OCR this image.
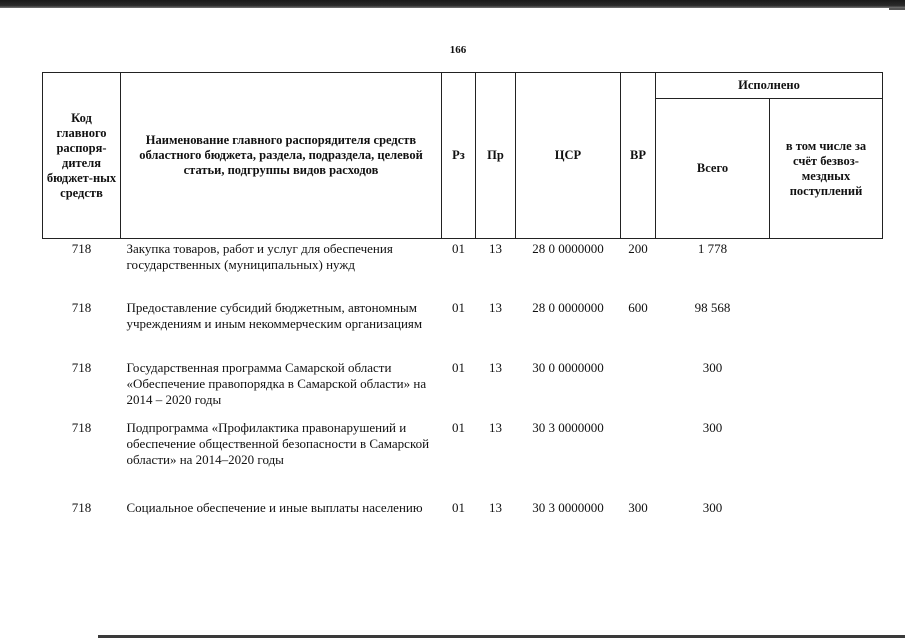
166
Код главного распоря-дителя бюджет-ных средств	Наименование главного распорядителя средств областного бюджета, раздела, подраздела, целевой статьи, подгруппы видов расходов	Рз	Пр	ЦСР	ВР	Исполнено	
						Всего	в том числе за счёт безвоз-мездных поступлений
718	Закупка товаров, работ и услуг для обеспечения государственных (муниципальных) нужд	01	13	28 0 0000000	200	1 778	
718	Предоставление субсидий бюджетным, автономным учреждениям и иным некоммерческим организациям	01	13	28 0 0000000	600	98 568	
718	Государственная программа Самарской области «Обеспечение правопорядка в Самарской области» на 2014 – 2020 годы	01	13	30 0 0000000		300	
718	Подпрограмма «Профилактика правонарушений и обеспечение общественной безопасности в Самарской области» на 2014–2020 годы	01	13	30 3 0000000		300	
718	Социальное обеспечение и иные выплаты населению	01	13	30 3 0000000	300	300	
